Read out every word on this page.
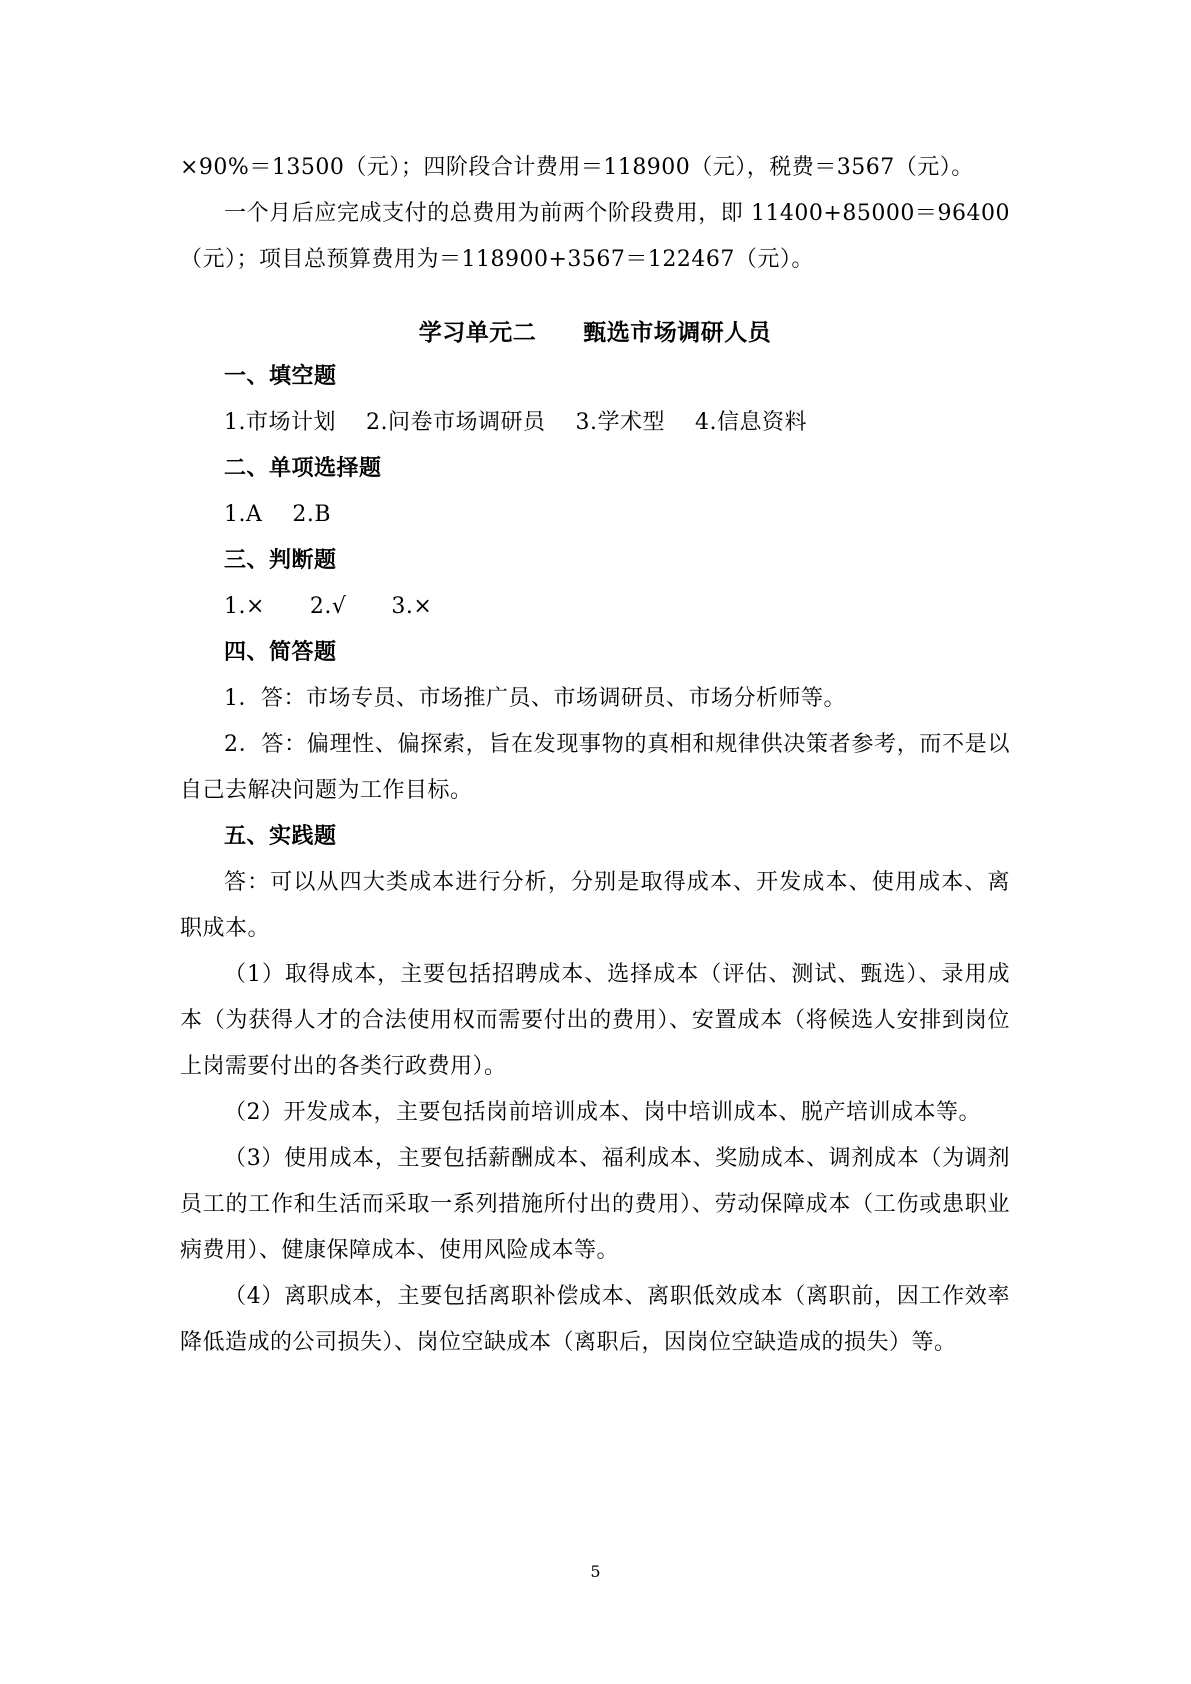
×90%＝13500（元）；四阶段合计费用＝118900（元），税费＝3567（元）。

一个月后应完成支付的总费用为前两个阶段费用，即 11400+85000＝96400（元）；项目总预算费用为＝118900+3567＝122467（元）。

学习单元二　　甄选市场调研人员

一、填空题

1.市场计划　 2.问卷市场调研员　 3.学术型　 4.信息资料

二、单项选择题

1.A　 2.B

三、判断题

1.×　　2.√　　3.×

四、简答题

1．答：市场专员、市场推广员、市场调研员、市场分析师等。

2．答：偏理性、偏探索，旨在发现事物的真相和规律供决策者参考，而不是以自己去解决问题为工作目标。

五、实践题

答：可以从四大类成本进行分析，分别是取得成本、开发成本、使用成本、离职成本。

（1）取得成本，主要包括招聘成本、选择成本（评估、测试、甄选）、录用成本（为获得人才的合法使用权而需要付出的费用）、安置成本（将候选人安排到岗位上岗需要付出的各类行政费用）。

（2）开发成本，主要包括岗前培训成本、岗中培训成本、脱产培训成本等。

（3）使用成本，主要包括薪酬成本、福利成本、奖励成本、调剂成本（为调剂员工的工作和生活而采取一系列措施所付出的费用）、劳动保障成本（工伤或患职业病费用）、健康保障成本、使用风险成本等。

（4）离职成本，主要包括离职补偿成本、离职低效成本（离职前，因工作效率降低造成的公司损失）、岗位空缺成本（离职后，因岗位空缺造成的损失）等。

5
